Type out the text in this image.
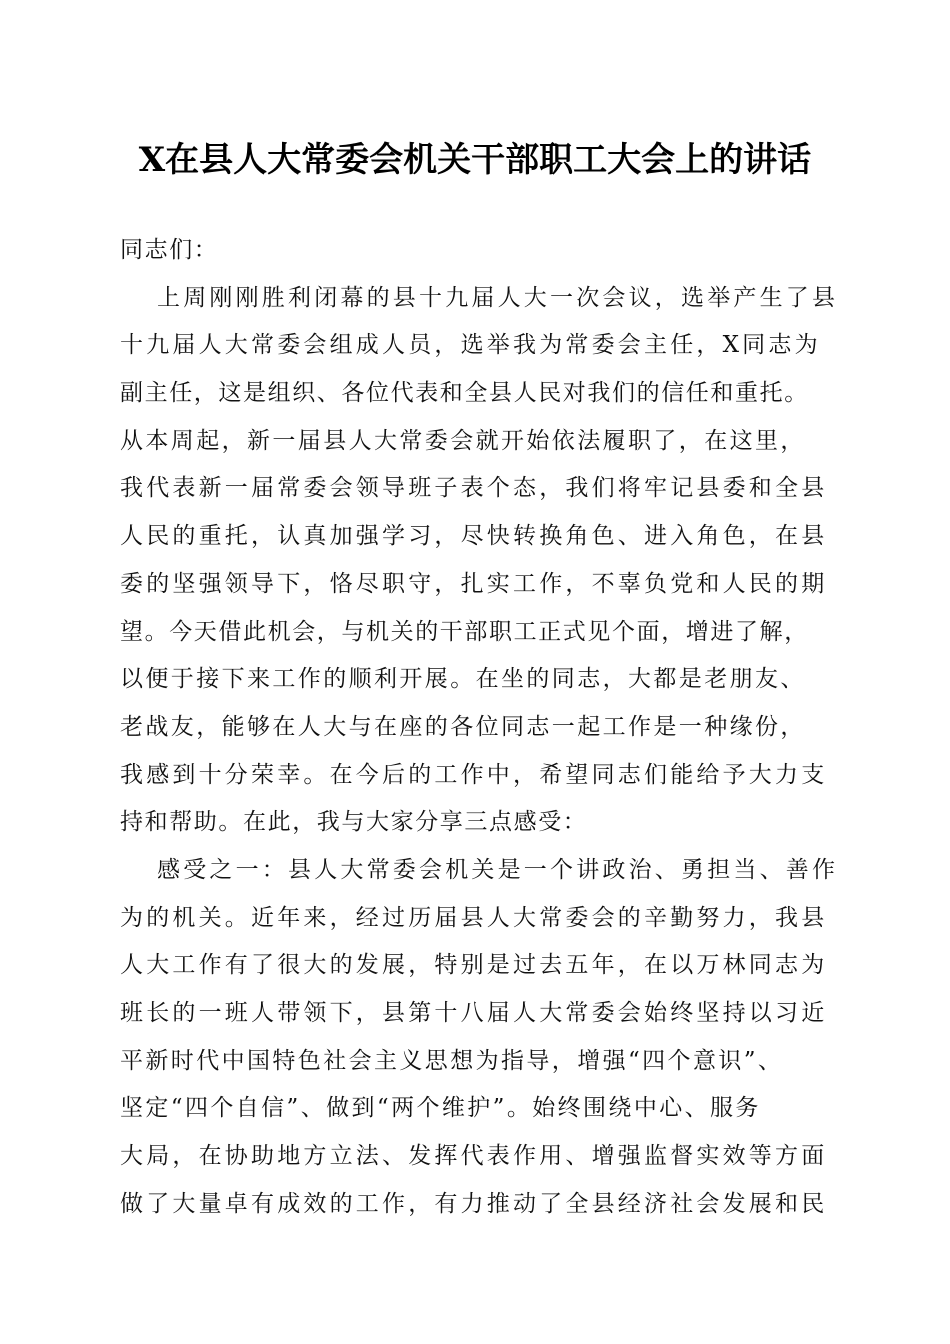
X在县人大常委会机关干部职工大会上的讲话
同志们：
上周刚刚胜利闭幕的县十九届人大一次会议，选举产生了县
十九届人大常委会组成人员，选举我为常委会主任，X同志为
副主任，这是组织、各位代表和全县人民对我们的信任和重托。
从本周起，新一届县人大常委会就开始依法履职了，在这里，
我代表新一届常委会领导班子表个态，我们将牢记县委和全县
人民的重托，认真加强学习，尽快转换角色、进入角色，在县
委的坚强领导下，恪尽职守，扎实工作，不辜负党和人民的期
望。今天借此机会，与机关的干部职工正式见个面，增进了解，
以便于接下来工作的顺利开展。在坐的同志，大都是老朋友、
老战友，能够在人大与在座的各位同志一起工作是一种缘份，
我感到十分荣幸。在今后的工作中，希望同志们能给予大力支
持和帮助。在此，我与大家分享三点感受：
感受之一：县人大常委会机关是一个讲政治、勇担当、善作
为的机关。近年来，经过历届县人大常委会的辛勤努力，我县
人大工作有了很大的发展，特别是过去五年，在以万林同志为
班长的一班人带领下，县第十八届人大常委会始终坚持以习近
平新时代中国特色社会主义思想为指导，增强“四个意识”、
坚定“四个自信”、做到“两个维护”。始终围绕中心、服务
大局，在协助地方立法、发挥代表作用、增强监督实效等方面
做了大量卓有成效的工作，有力推动了全县经济社会发展和民
